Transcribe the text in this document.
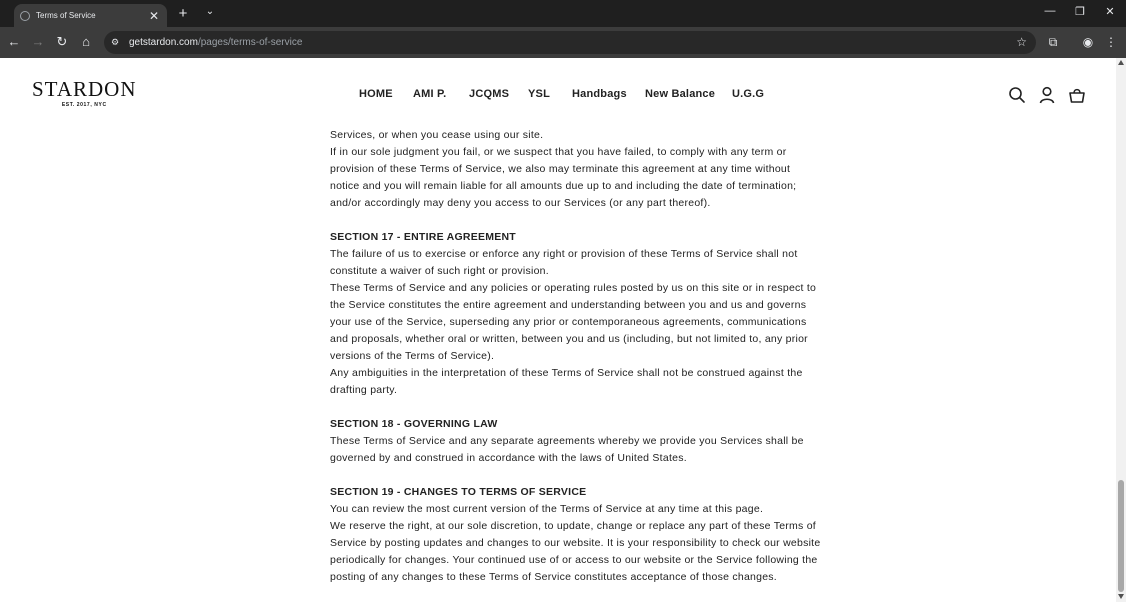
Terms of Service	✕ + ⌄	— ❐ ✕
← → ↻	⌂	⚙ getstardon.com/pages/terms-of-service	☆ ⧉ ◉ ⋮
STARDON
EST. 2017, NYC
HOME AMI P. JCQMS YSL Handbags New Balance U.G.G

Services, or when you cease using our site.

If in our sole judgment you fail, or we suspect that you have failed, to comply with any term or

provision of these Terms of Service, we also may terminate this agreement at any time without

notice and you will remain liable for all amounts due up to and including the date of termination;

and/or accordingly may deny you access to our Services (or any part thereof).

SECTION 17 - ENTIRE AGREEMENT

The failure of us to exercise or enforce any right or provision of these Terms of Service shall not

constitute a waiver of such right or provision.

These Terms of Service and any policies or operating rules posted by us on this site or in respect to

the Service constitutes the entire agreement and understanding between you and us and governs

your use of the Service, superseding any prior or contemporaneous agreements, communications

and proposals, whether oral or written, between you and us (including, but not limited to, any prior

versions of the Terms of Service).

Any ambiguities in the interpretation of these Terms of Service shall not be construed against the

drafting party.

SECTION 18 - GOVERNING LAW

These Terms of Service and any separate agreements whereby we provide you Services shall be

governed by and construed in accordance with the laws of United States.

SECTION 19 - CHANGES TO TERMS OF SERVICE

You can review the most current version of the Terms of Service at any time at this page.

We reserve the right, at our sole discretion, to update, change or replace any part of these Terms of

Service by posting updates and changes to our website. It is your responsibility to check our website

periodically for changes. Your continued use of or access to our website or the Service following the

posting of any changes to these Terms of Service constitutes acceptance of those changes.
